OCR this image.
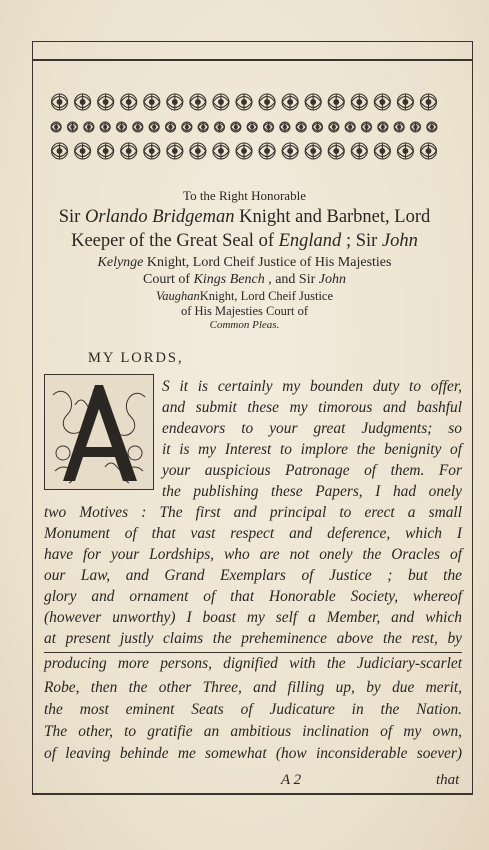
To the Right Honorable
Sir Orlando Bridgeman Knight and Barbnet, Lord
Keeper of the Great Seal of England ; Sir John
Kelynge Knight, Lord Cheif Justice of His Majesties
Court of Kings Bench , and Sir John
VaughanKnight, Lord Cheif Justice
of His Majesties Court of
Common Pleas.
MY LORDS,
S it is certainly my bounden duty to offer,
and submit these my timorous and bashful
endeavors to your great Judgments; so
it is my Interest to implore the benignity of
your auspicious Patronage of them. For
the publishing these Papers, I had onely
two Motives : The first and principal to erect a small
Monument of that vast respect and deference, which I
have for your Lordships, who are not onely the Oracles of
our Law, and Grand Exemplars of Justice ; but the
glory and ornament of that Honorable Society, whereof
(however unworthy) I boast my self a Member, and which
at present justly claims the preheminence above the rest, by
producing more persons, dignified with the Judiciary-scarlet
Robe, then the other Three, and filling up, by due merit,
the most eminent Seats of Judicature in the Nation.
The other, to gratifie an ambitious inclination of my own,
of leaving behinde me somewhat (how inconsiderable soever)
A 2	that
